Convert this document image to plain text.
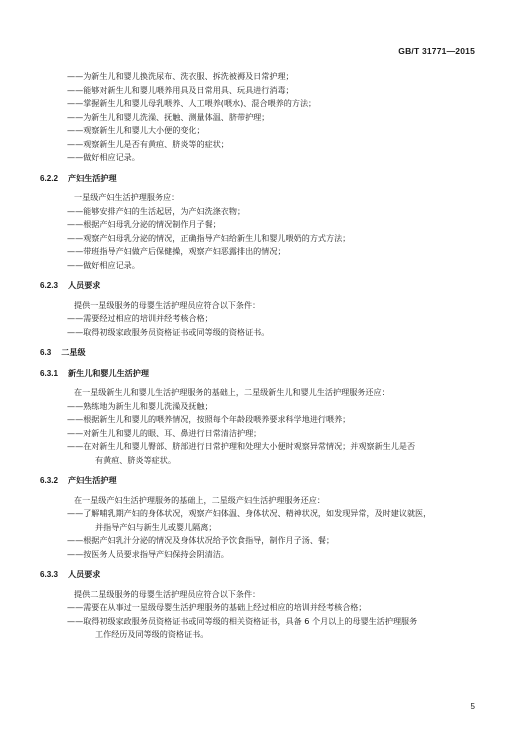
GB/T 31771—2015
——为新生儿和婴儿换洗尿布、洗衣服、拆洗被褥及日常护理；
——能够对新生儿和婴儿喂养用具及日常用具、玩具进行消毒；
——掌握新生儿和婴儿母乳喂养、人工喂养(喂水)、混合喂养的方法；
——为新生儿和婴儿洗澡、抚触、测量体温、脐带护理；
——观察新生儿和婴儿大小便的变化；
——观察新生儿是否有黄疸、脐炎等的症状；
——做好相应记录。
6.2.2 产妇生活护理
一星级产妇生活护理服务应：
——能够安排产妇的生活起居，为产妇洗涤衣物；
——根据产妇母乳分泌的情况制作月子餐；
——观察产妇母乳分泌的情况，正确指导产妇给新生儿和婴儿喂奶的方式方法；
——带班指导产妇做产后保健操，观察产妇恶露排出的情况；
——做好相应记录。
6.2.3 人员要求
提供一星级服务的母婴生活护理员应符合以下条件：
——需要经过相应的培训并经考核合格；
——取得初级家政服务员资格证书或同等级的资格证书。
6.3 二星级
6.3.1 新生儿和婴儿生活护理
在一星级新生儿和婴儿生活护理服务的基础上，二星级新生儿和婴儿生活护理服务还应：
——熟练地为新生儿和婴儿洗澡及抚触；
——根据新生儿和婴儿的喂养情况，按照每个年龄段喂养要求科学地进行喂养；
——对新生儿和婴儿的眼、耳、鼻进行日常清洁护理；
——在对新生儿和婴儿臀部、脐部进行日常护理和处理大小便时观察异常情况；并观察新生儿是否
有黄疸、脐炎等症状。
6.3.2 产妇生活护理
在一星级产妇生活护理服务的基础上，二星级产妇生活护理服务还应：
——了解哺乳期产妇的身体状况，观察产妇体温、身体状况、精神状况，如发现异常，及时建议就医，
并指导产妇与新生儿或婴儿隔离；
——根据产妇乳汁分泌的情况及身体状况给予饮食指导，制作月子汤、餐；
——按医务人员要求指导产妇保持会阴清洁。
6.3.3 人员要求
提供二星级服务的母婴生活护理员应符合以下条件：
——需要在从事过一星级母婴生活护理服务的基础上经过相应的培训并经考核合格；
——取得初级家政服务员资格证书或同等级的相关资格证书，具备 6 个月以上的母婴生活护理服务
工作经历及同等级的资格证书。
5
